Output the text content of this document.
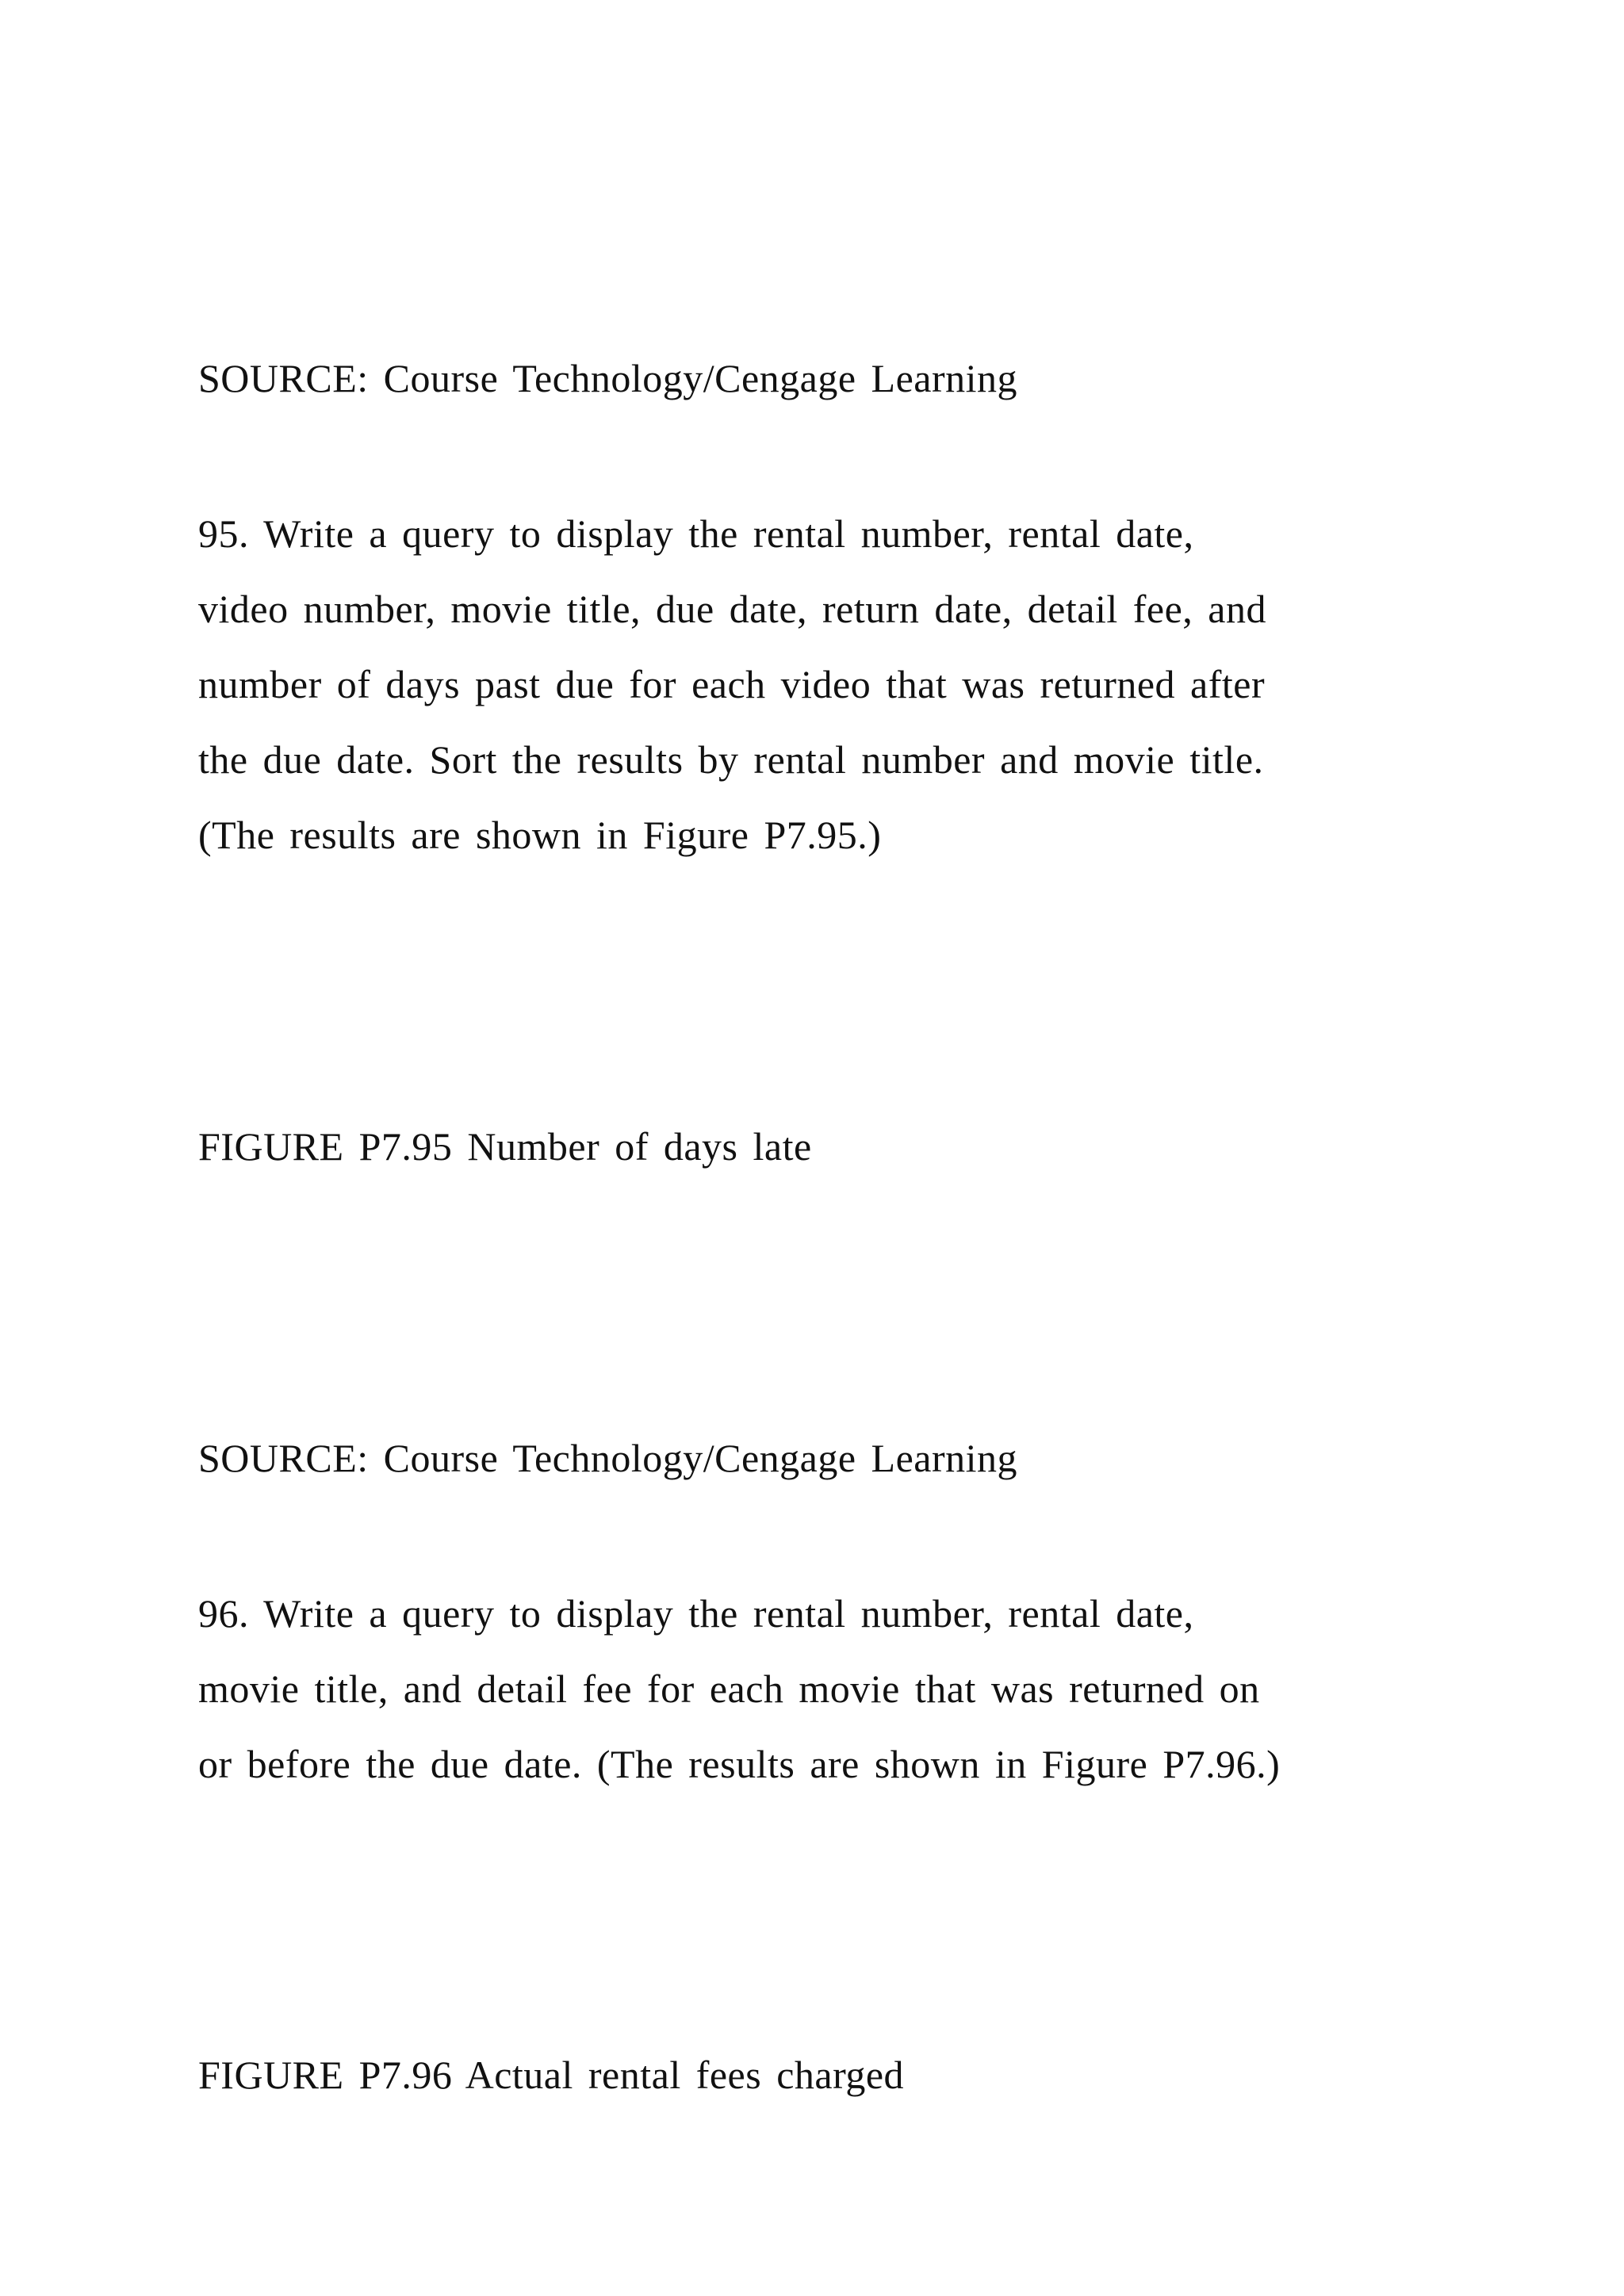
SOURCE: Course Technology/Cengage Learning

95. Write a query to display the rental number, rental date,
video number, movie title, due date, return date, detail fee, and
number of days past due for each video that was returned after
the due date. Sort the results by rental number and movie title.
(The results are shown in Figure P7.95.)

FIGURE P7.95 Number of days late

SOURCE: Course Technology/Cengage Learning

96. Write a query to display the rental number, rental date,
movie title, and detail fee for each movie that was returned on
or before the due date. (The results are shown in Figure P7.96.)

FIGURE P7.96 Actual rental fees charged
